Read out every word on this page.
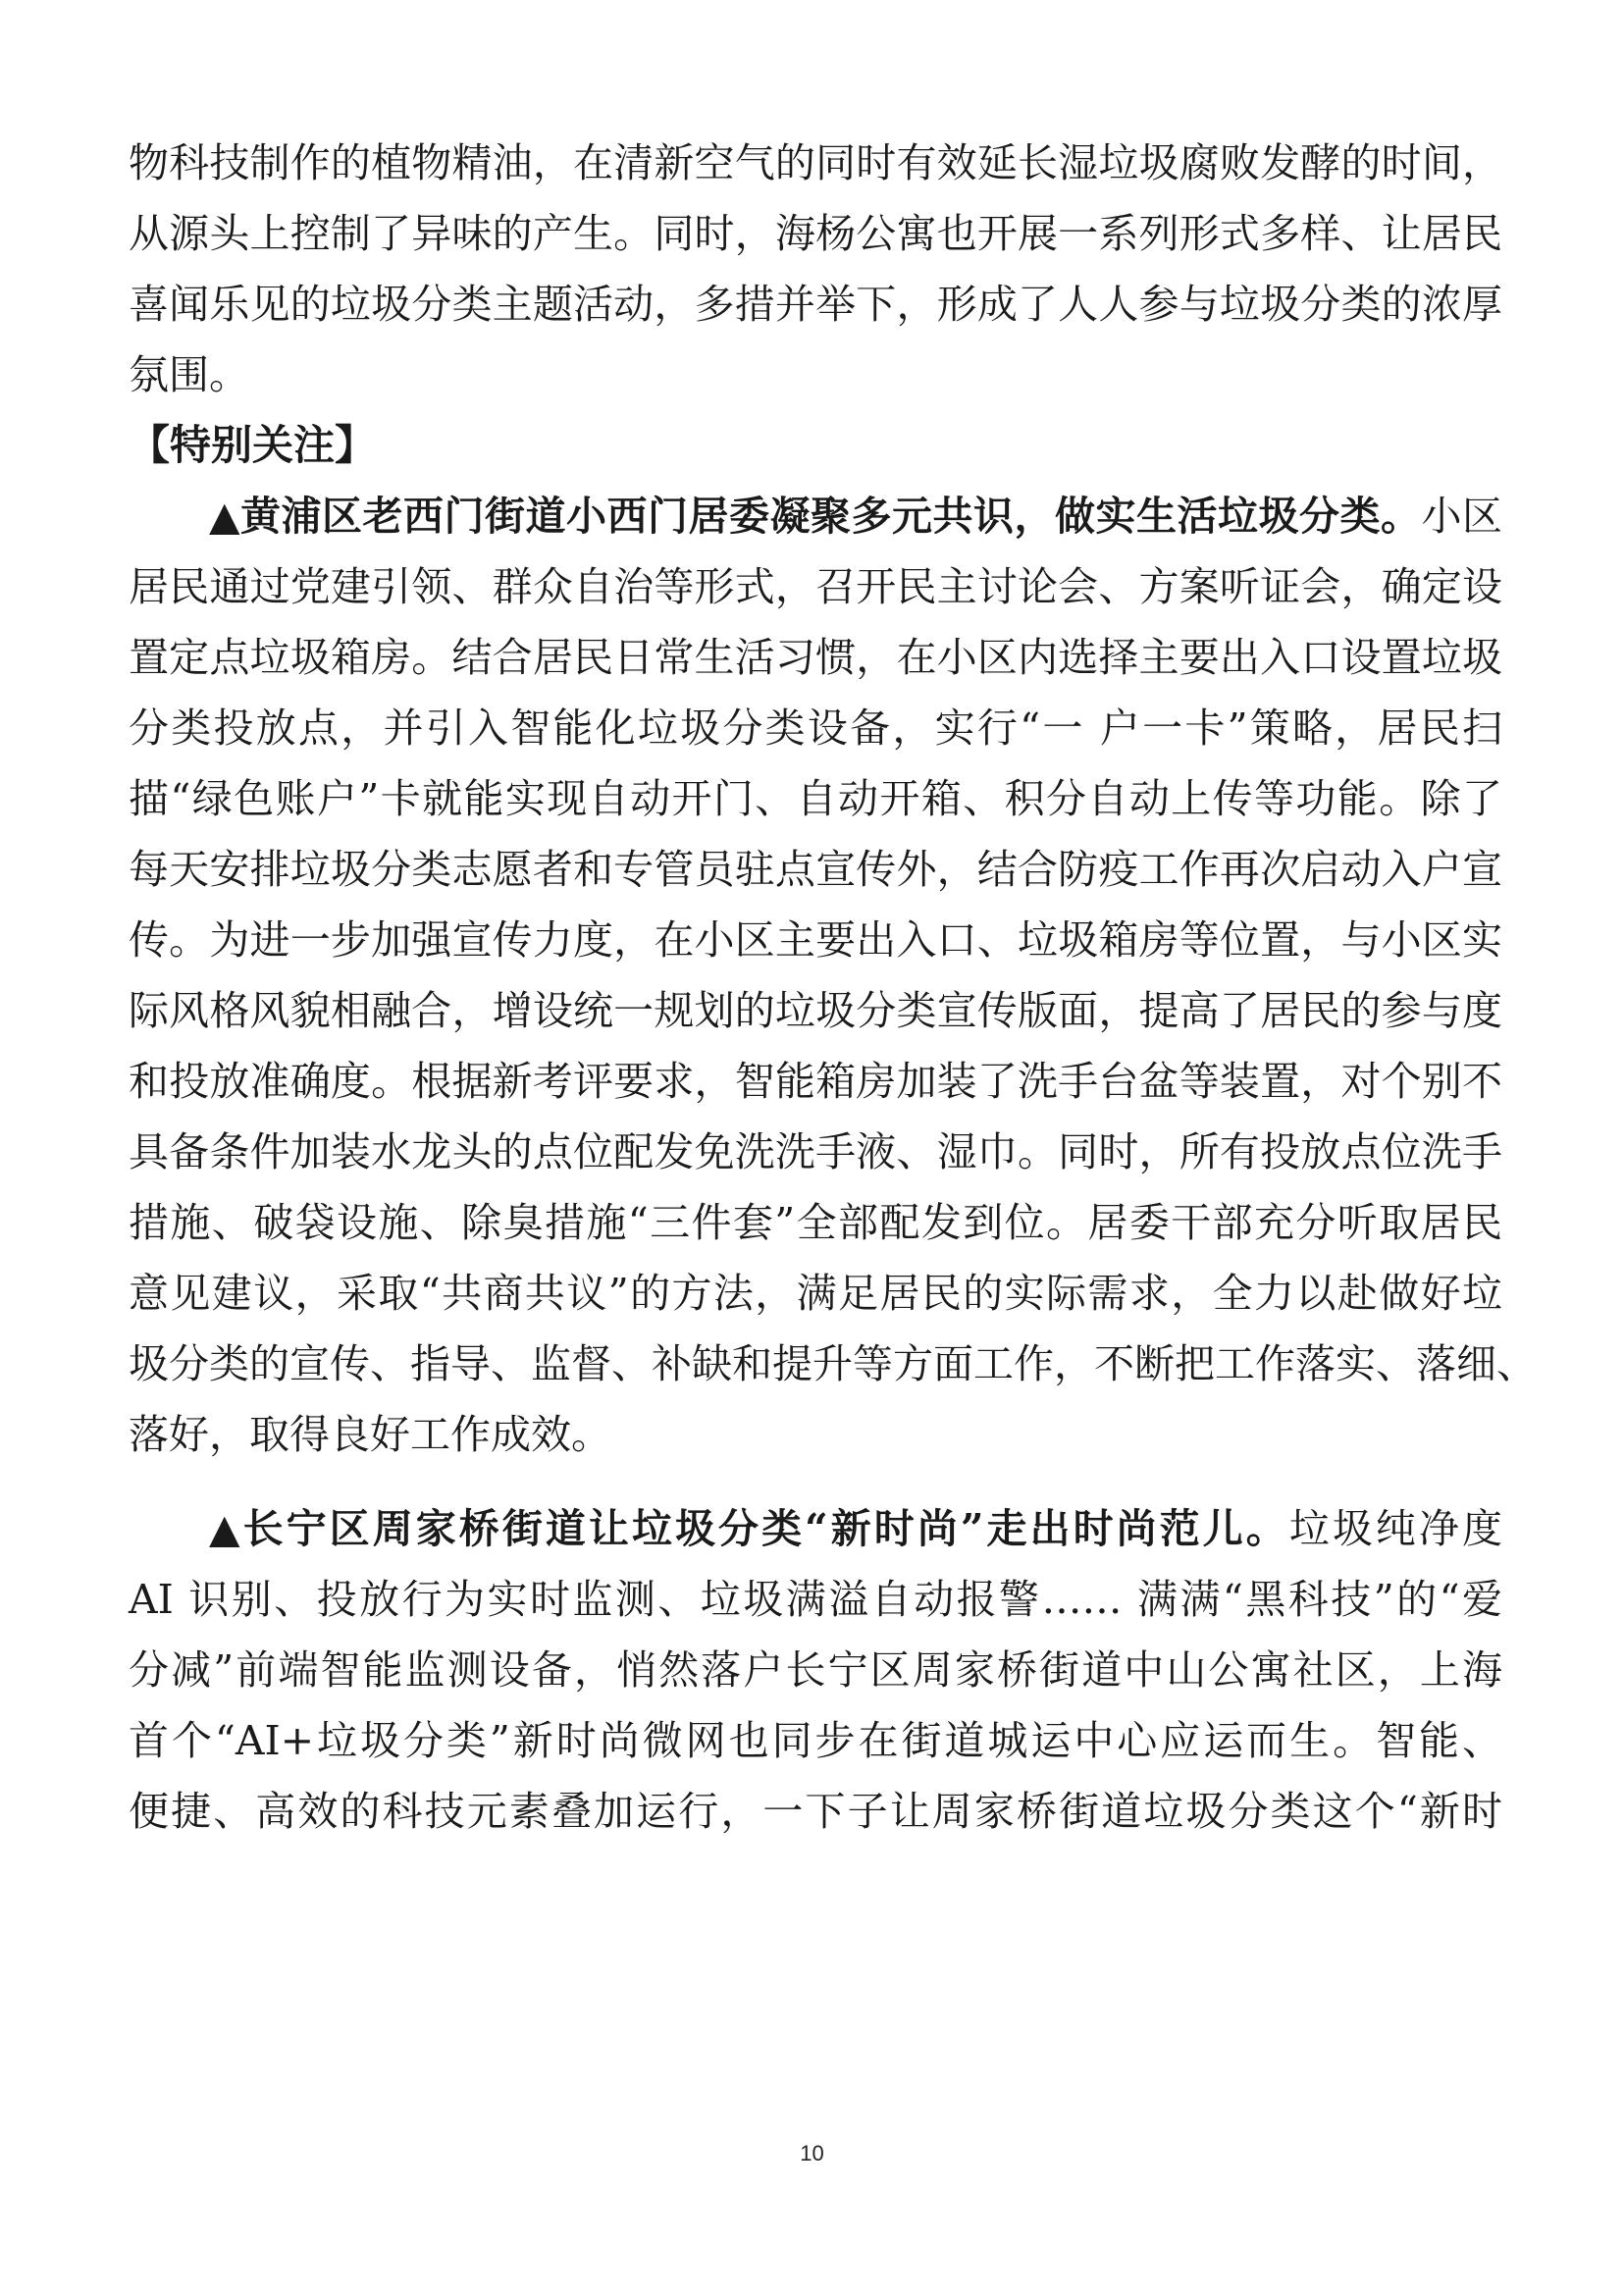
物科技制作的植物精油，在清新空气的同时有效延长湿垃圾腐败发酵的时间，
从源头上控制了异味的产生。同时，海杨公寓也开展一系列形式多样、让居民
喜闻乐见的垃圾分类主题活动，多措并举下，形成了人人参与垃圾分类的浓厚
氛围。
【特别关注】
▲黄浦区老西门街道小西门居委凝聚多元共识，做实生活垃圾分类。小区
居民通过党建引领、群众自治等形式，召开民主讨论会、方案听证会，确定设
置定点垃圾箱房。结合居民日常生活习惯，在小区内选择主要出入口设置垃圾
分类投放点，并引入智能化垃圾分类设备，实行“一 户一卡”策略，居民扫
描“绿色账户”卡就能实现自动开门、自动开箱、积分自动上传等功能。除了
每天安排垃圾分类志愿者和专管员驻点宣传外，结合防疫工作再次启动入户宣
传。为进一步加强宣传力度，在小区主要出入口、垃圾箱房等位置，与小区实
际风格风貌相融合，增设统一规划的垃圾分类宣传版面，提高了居民的参与度
和投放准确度。根据新考评要求，智能箱房加装了洗手台盆等装置，对个别不
具备条件加装水龙头的点位配发免洗洗手液、湿巾。同时，所有投放点位洗手
措施、破袋设施、除臭措施“三件套”全部配发到位。居委干部充分听取居民
意见建议，采取“共商共议”的方法，满足居民的实际需求，全力以赴做好垃
圾分类的宣传、指导、监督、补缺和提升等方面工作，不断把工作落实、落细、
落好，取得良好工作成效。
▲长宁区周家桥街道让垃圾分类“新时尚”走出时尚范儿。垃圾纯净度
AI 识别、投放行为实时监测、垃圾满溢自动报警…… 满满“黑科技”的“爱
分减”前端智能监测设备，悄然落户长宁区周家桥街道中山公寓社区，上海
首个“AI+垃圾分类”新时尚微网也同步在街道城运中心应运而生。智能、
便捷、高效的科技元素叠加运行，一下子让周家桥街道垃圾分类这个“新时
10
